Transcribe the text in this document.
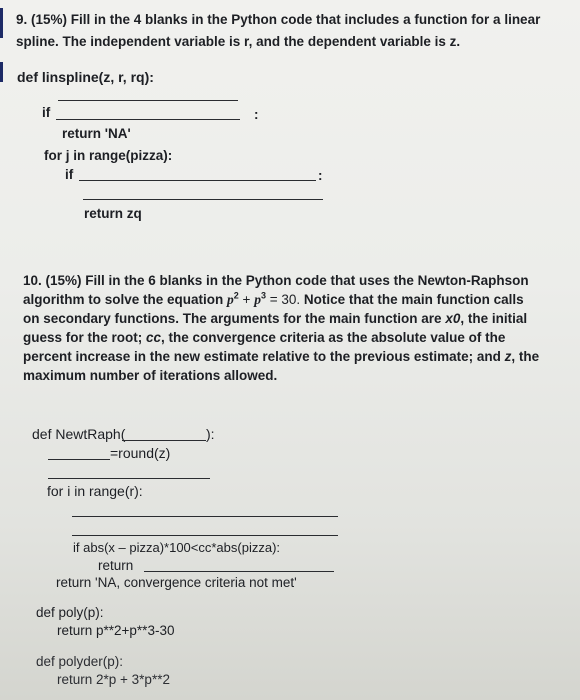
9. (15%) Fill in the 4 blanks in the Python code that includes a function for a linear
spline. The independent variable is r, and the dependent variable is z.
def linspline(z, r, rq):
if	:
return 'NA'
for j in range(pizza):
if	:
return zq
10. (15%) Fill in the 6 blanks in the Python code that uses the Newton-Raphson
algorithm to solve the equation $p^2 + p^3 = 30$. Notice that the main function calls
on secondary functions. The arguments for the main function are x0, the initial
guess for the root; cc, the convergence criteria as the absolute value of the
percent increase in the new estimate relative to the previous estimate; and z, the
maximum number of iterations allowed.
def NewtRaph(	):
=round(z)
for i in range(r):
if abs(x – pizza)*100<cc*abs(pizza):
return
return 'NA, convergence criteria not met'
def poly(p):
return p**2+p**3-30
def polyder(p):
return 2*p + 3*p**2
